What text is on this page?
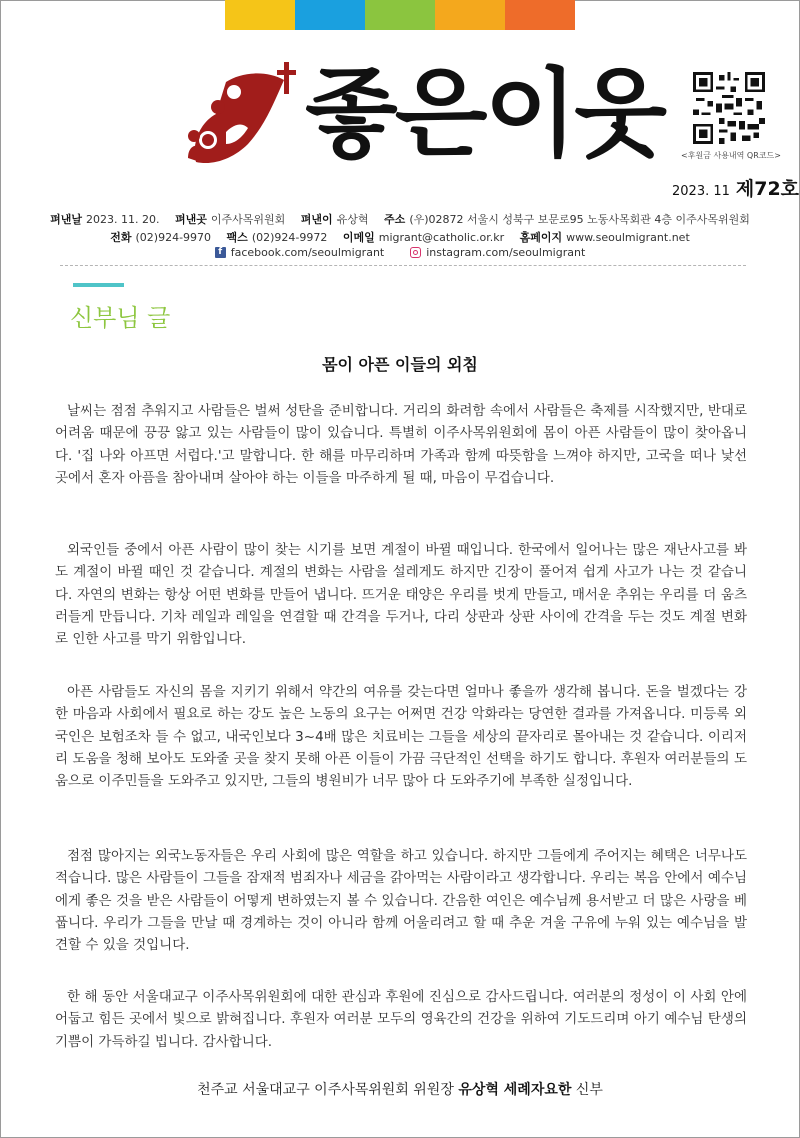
좋은이웃	<후원금 사용내역 QR코드>
2023. 11 제72호
펴낸날 2023. 11. 20. 펴낸곳 이주사목위원회 펴낸이 유상혁 주소 (우)02872 서울시 성북구 보문로95 노동사목회관 4층 이주사목위원회
전화 (02)924-9970 팩스 (02)924-9972 이메일 migrant@catholic.or.kr 홈페이지 www.seoulmigrant.net
f facebook.com/seoulmigrant	instagram.com/seoulmigrant
신부님 글
몸이 아픈 이들의 외침

날씨는 점점 추워지고 사람들은 벌써 성탄을 준비합니다. 거리의 화려함 속에서 사람들은 축제를 시작했지만, 반대로 어려움 때문에 끙끙 앓고 있는 사람들이 많이 있습니다. 특별히 이주사목위원회에 몸이 아픈 사람들이 많이 찾아옵니다. '집 나와 아프면 서럽다.'고 말합니다. 한 해를 마무리하며 가족과 함께 따뜻함을 느껴야 하지만, 고국을 떠나 낯선 곳에서 혼자 아픔을 참아내며 살아야 하는 이들을 마주하게 될 때, 마음이 무겁습니다.

외국인들 중에서 아픈 사람이 많이 찾는 시기를 보면 계절이 바뀔 때입니다. 한국에서 일어나는 많은 재난사고를 봐도 계절이 바뀔 때인 것 같습니다. 계절의 변화는 사람을 설레게도 하지만 긴장이 풀어져 쉽게 사고가 나는 것 같습니다. 자연의 변화는 항상 어떤 변화를 만들어 냅니다. 뜨거운 태양은 우리를 벗게 만들고, 매서운 추위는 우리를 더 움츠러들게 만듭니다. 기차 레일과 레일을 연결할 때 간격을 두거나, 다리 상판과 상판 사이에 간격을 두는 것도 계절 변화로 인한 사고를 막기 위함입니다.

아픈 사람들도 자신의 몸을 지키기 위해서 약간의 여유를 갖는다면 얼마나 좋을까 생각해 봅니다. 돈을 벌겠다는 강한 마음과 사회에서 필요로 하는 강도 높은 노동의 요구는 어쩌면 건강 악화라는 당연한 결과를 가져옵니다. 미등록 외국인은 보험조차 들 수 없고, 내국인보다 3~4배 많은 치료비는 그들을 세상의 끝자리로 몰아내는 것 같습니다. 이리저리 도움을 청해 보아도 도와줄 곳을 찾지 못해 아픈 이들이 가끔 극단적인 선택을 하기도 합니다. 후원자 여러분들의 도움으로 이주민들을 도와주고 있지만, 그들의 병원비가 너무 많아 다 도와주기에 부족한 실정입니다.

점점 많아지는 외국노동자들은 우리 사회에 많은 역할을 하고 있습니다. 하지만 그들에게 주어지는 혜택은 너무나도 적습니다. 많은 사람들이 그들을 잠재적 범죄자나 세금을 갉아먹는 사람이라고 생각합니다. 우리는 복음 안에서 예수님에게 좋은 것을 받은 사람들이 어떻게 변하였는지 볼 수 있습니다. 간음한 여인은 예수님께 용서받고 더 많은 사랑을 베풉니다. 우리가 그들을 만날 때 경계하는 것이 아니라 함께 어울리려고 할 때 추운 겨울 구유에 누워 있는 예수님을 발견할 수 있을 것입니다.

한 해 동안 서울대교구 이주사목위원회에 대한 관심과 후원에 진심으로 감사드립니다. 여러분의 정성이 이 사회 안에 어둡고 힘든 곳에서 빛으로 밝혀집니다. 후원자 여러분 모두의 영육간의 건강을 위하여 기도드리며 아기 예수님 탄생의 기쁨이 가득하길 빕니다. 감사합니다.

천주교 서울대교구 이주사목위원회 위원장 유상혁 세례자요한 신부
